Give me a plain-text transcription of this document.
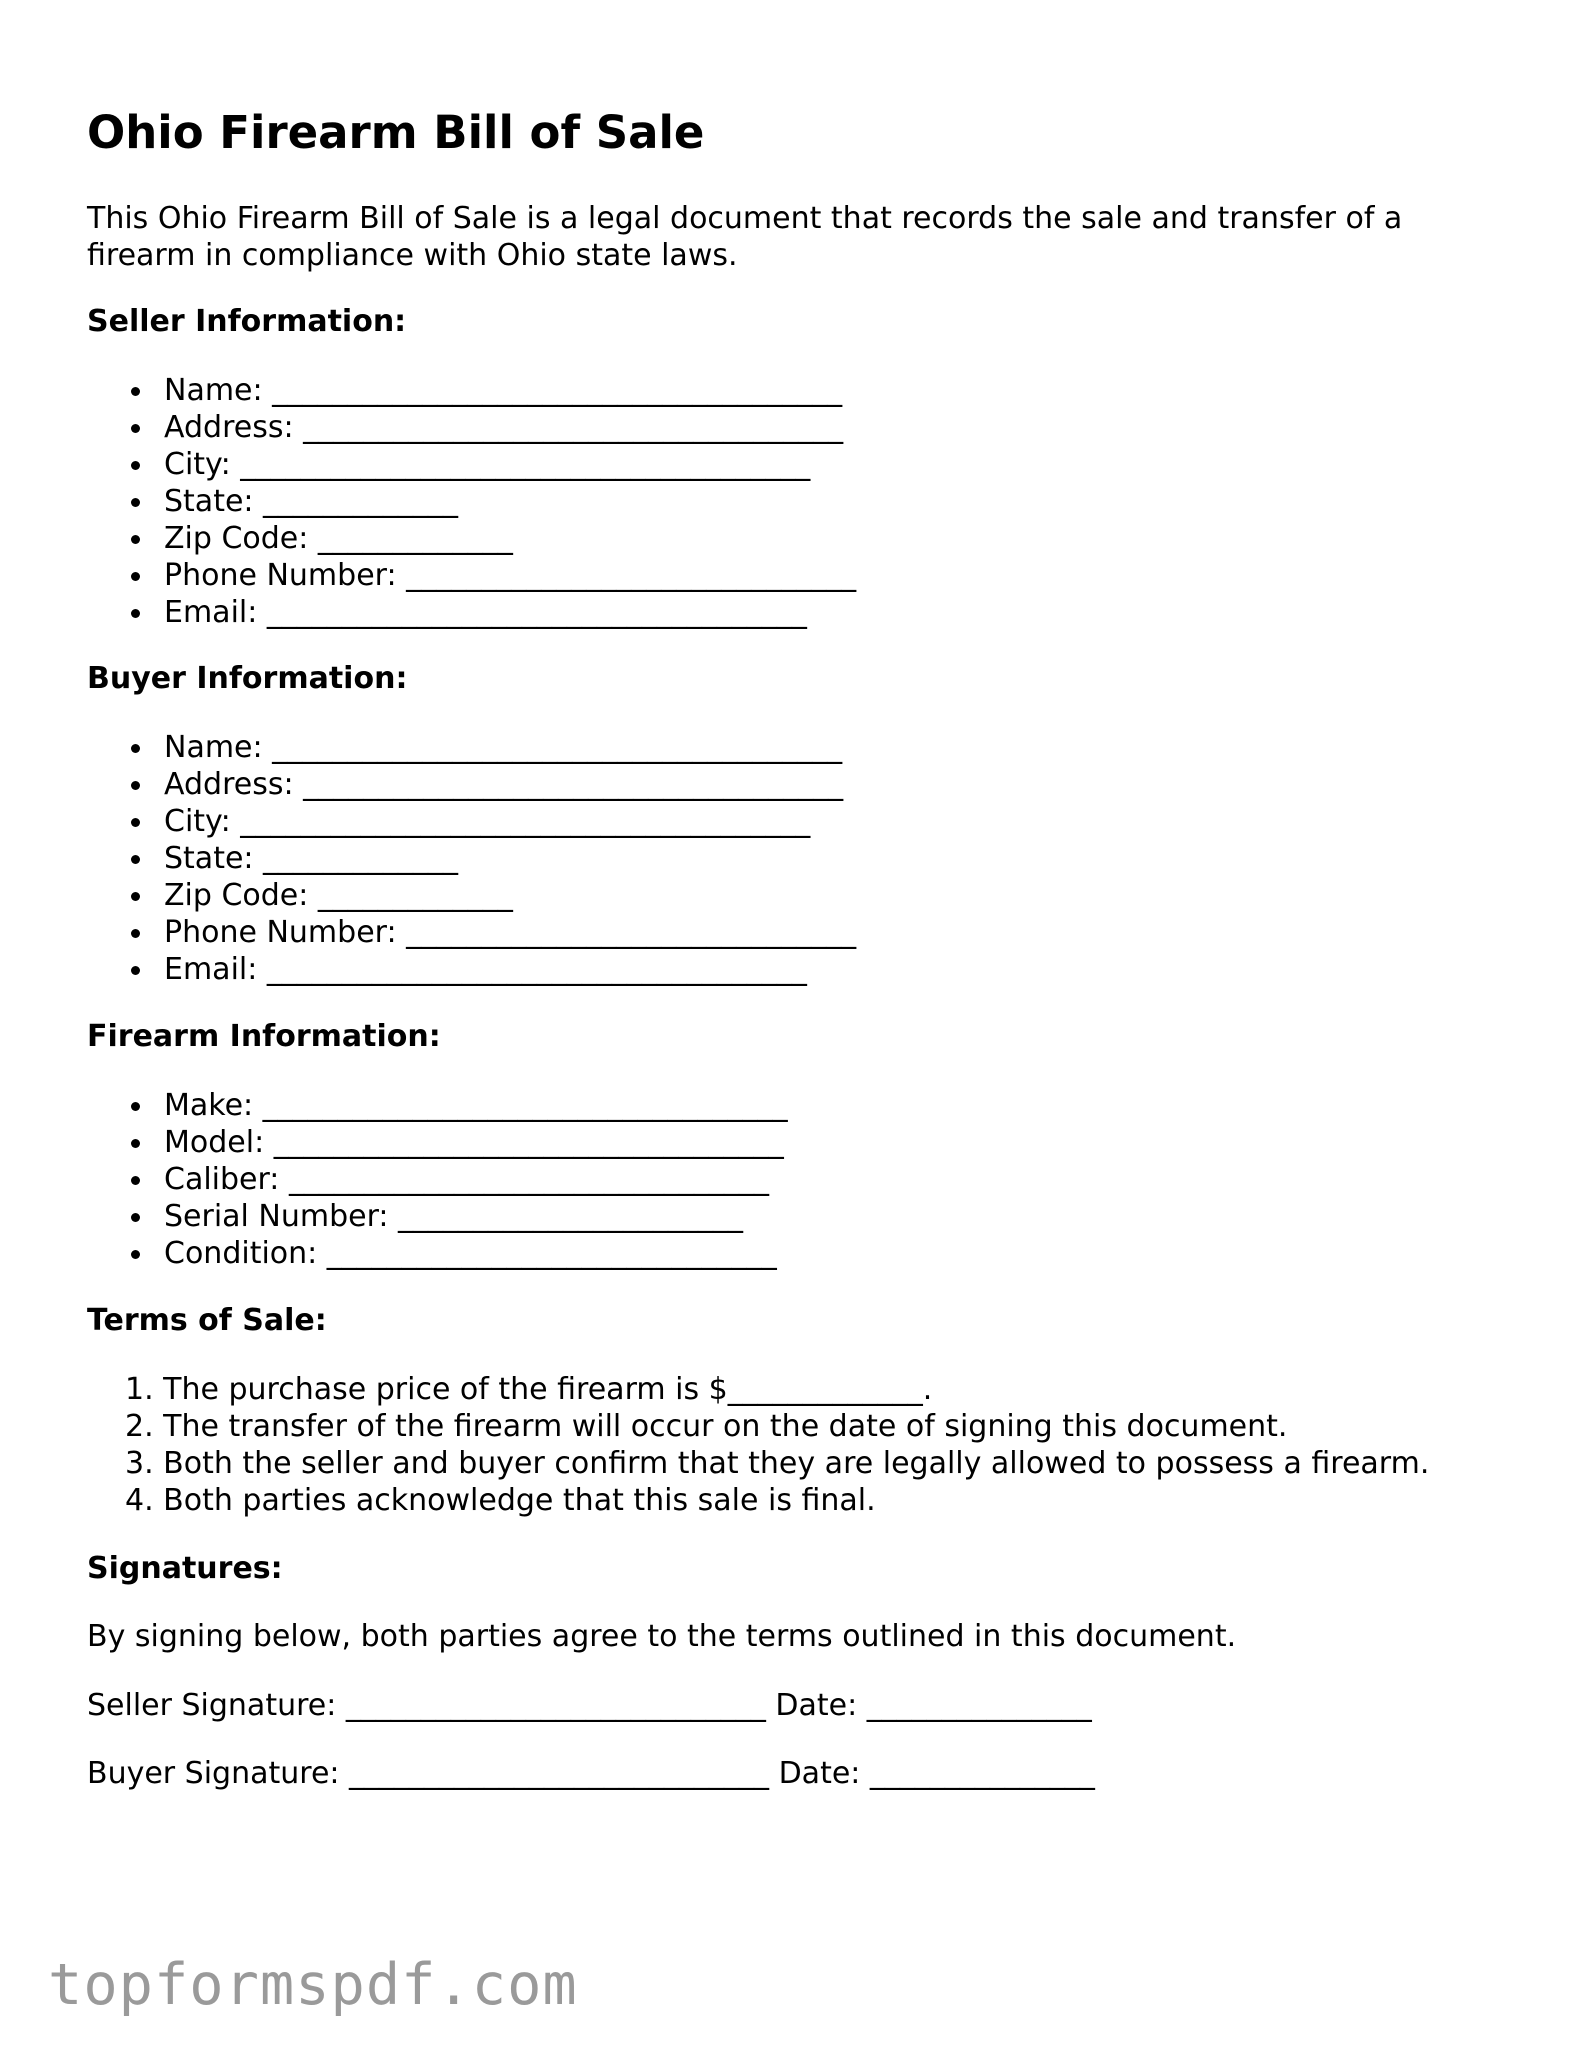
Ohio Firearm Bill of Sale

This Ohio Firearm Bill of Sale is a legal document that records the sale and transfer of a firearm in compliance with Ohio state laws.

Seller Information:

Name: ______________________________________
Address: ____________________________________
City: ______________________________________
State: _____________
Zip Code: _____________
Phone Number: ______________________________
Email: ____________________________________

Buyer Information:

Name: ______________________________________
Address: ____________________________________
City: ______________________________________
State: _____________
Zip Code: _____________
Phone Number: ______________________________
Email: ____________________________________

Firearm Information:

Make: ___________________________________
Model: __________________________________
Caliber: ________________________________
Serial Number: _______________________
Condition: ______________________________

Terms of Sale:

1. The purchase price of the firearm is $_____________.
2. The transfer of the firearm will occur on the date of signing this document.
3. Both the seller and buyer confirm that they are legally allowed to possess a firearm.
4. Both parties acknowledge that this sale is final.

Signatures:

By signing below, both parties agree to the terms outlined in this document.

Seller Signature: ____________________________ Date: _______________

Buyer Signature: ____________________________ Date: _______________

topformspdf.com
